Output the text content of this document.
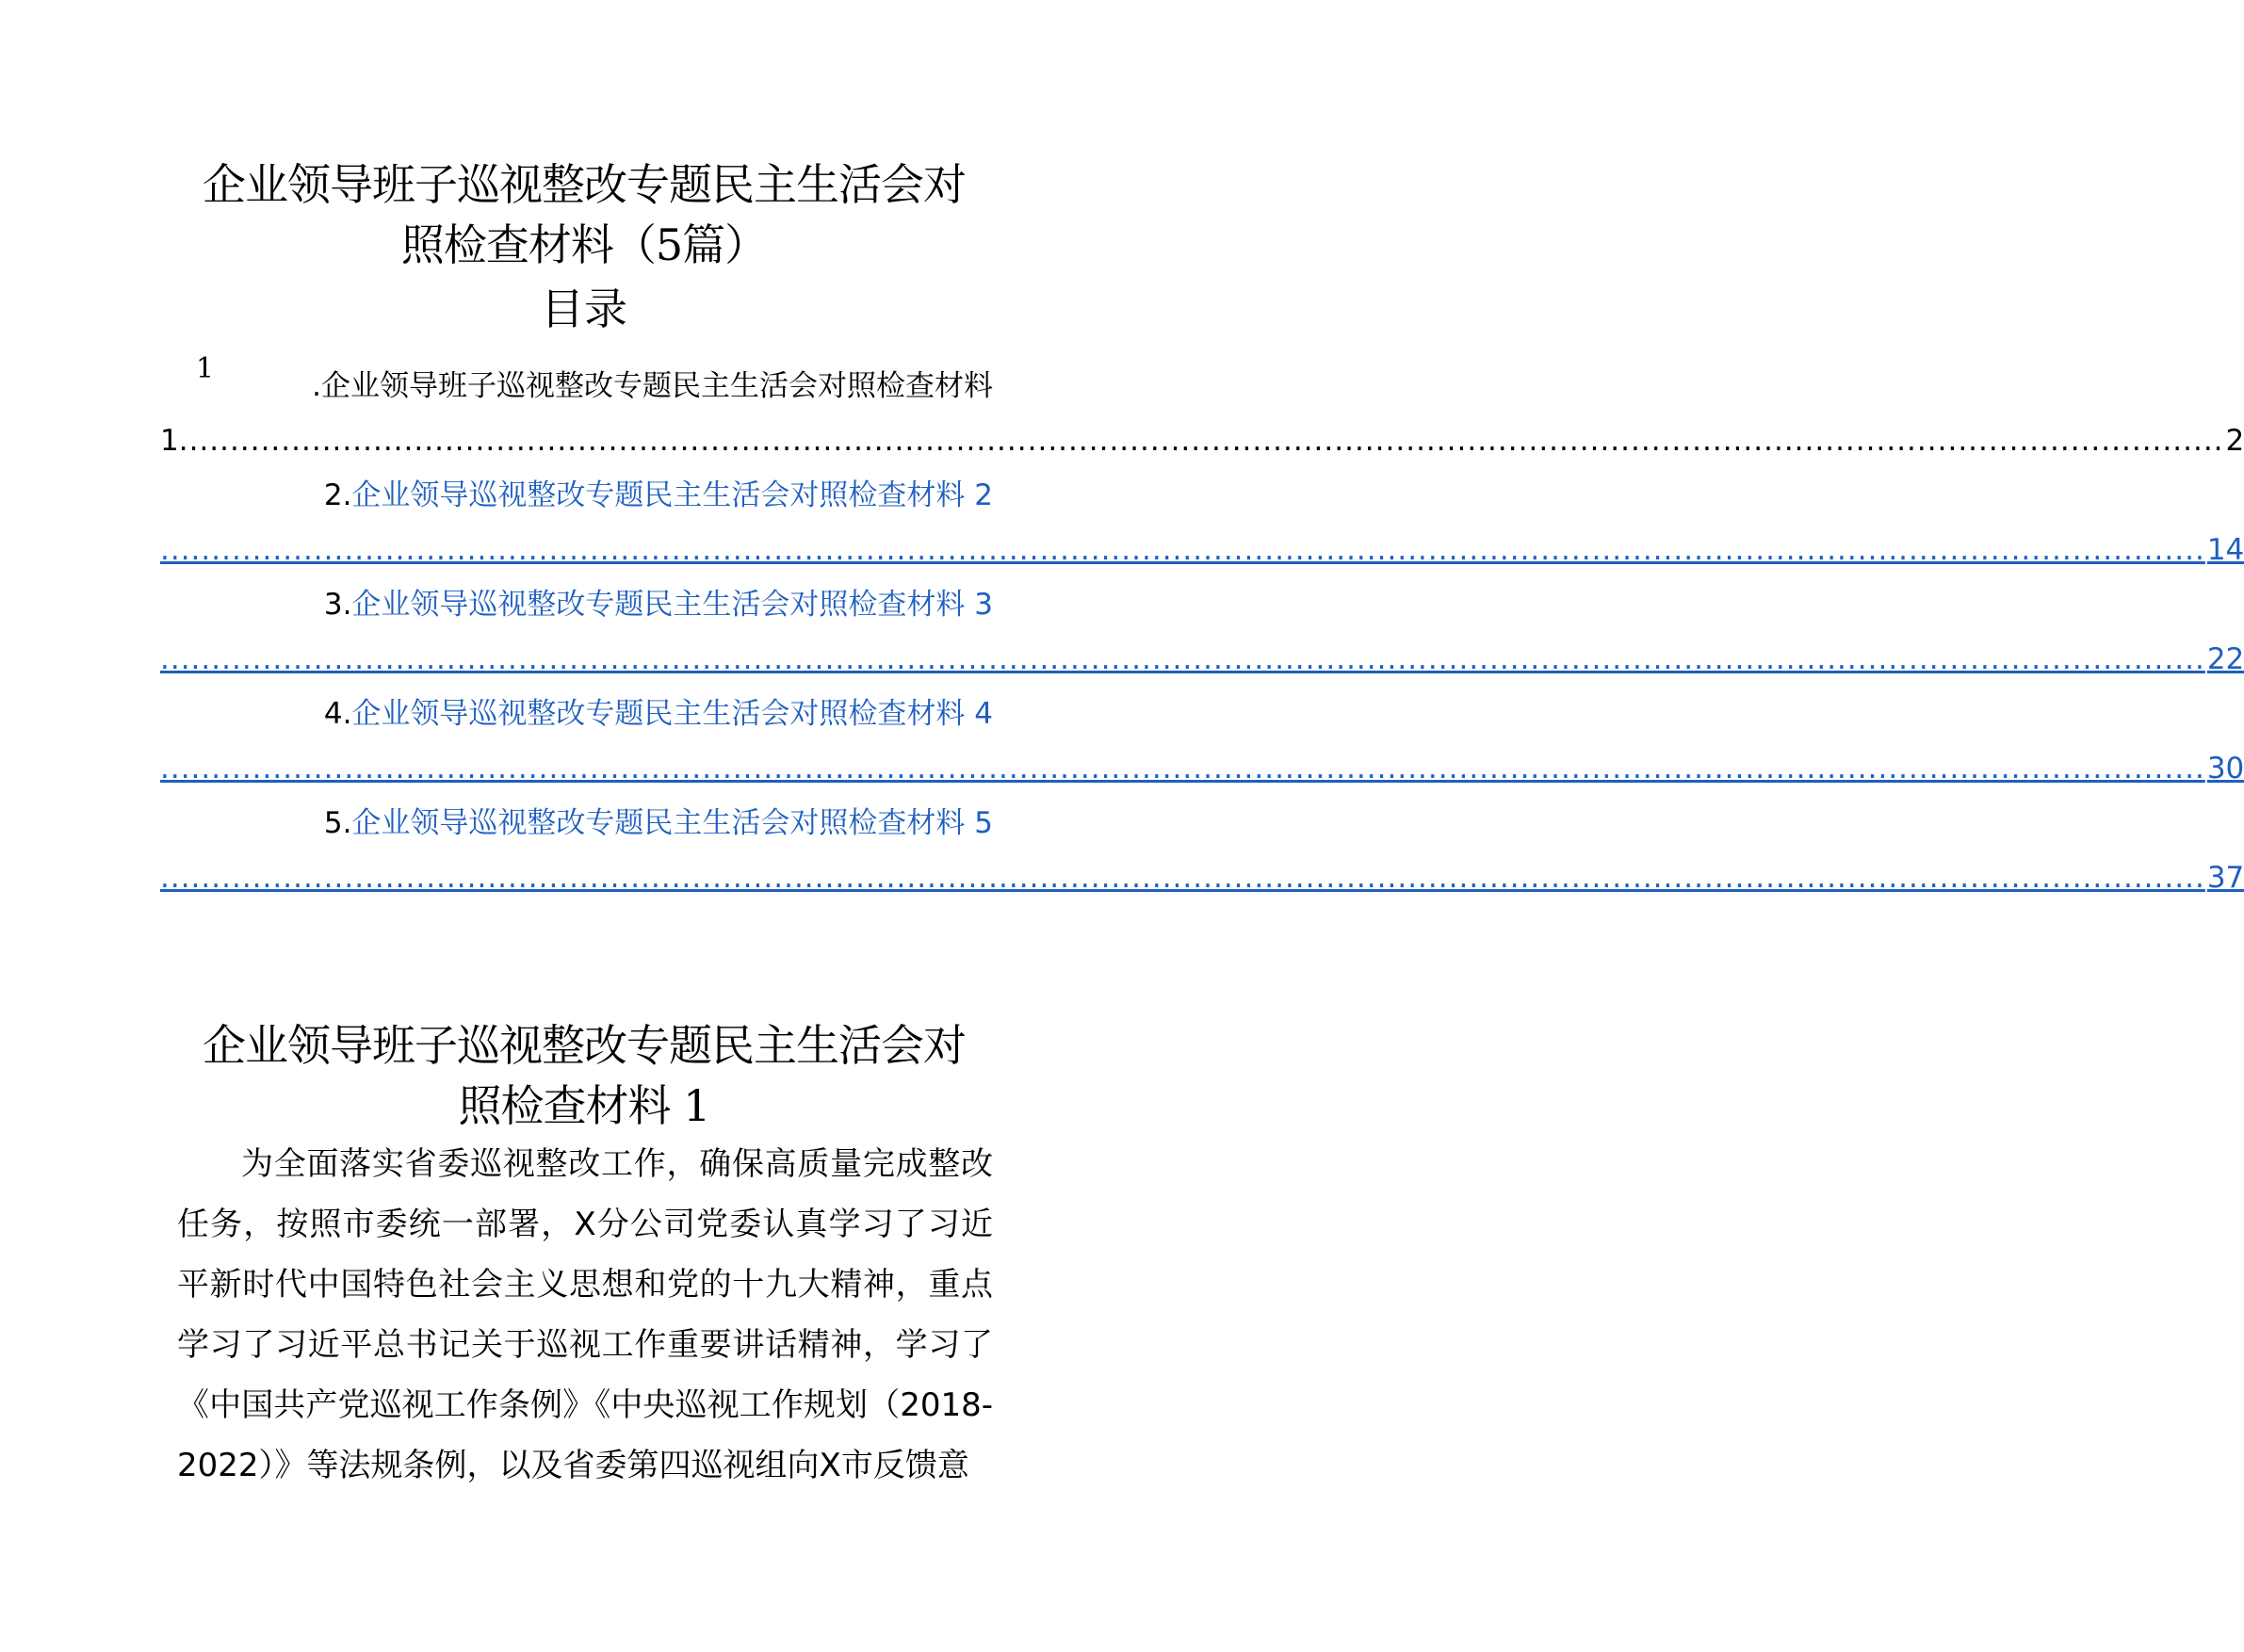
企业领导班子巡视整改专题民主生活会对
照检查材料（5篇）
目录
1
.企业领导班子巡视整改专题民主生活会对照检查材料
1 ........................................................................................................................................................................................................ 2
2.企业领导巡视整改专题民主生活会对照检查材料 2
........................................................................................................................................................................................................ 14
3.企业领导巡视整改专题民主生活会对照检查材料 3
........................................................................................................................................................................................................ 22
4.企业领导巡视整改专题民主生活会对照检查材料 4
........................................................................................................................................................................................................ 30
5.企业领导巡视整改专题民主生活会对照检查材料 5
........................................................................................................................................................................................................ 37
企业领导班子巡视整改专题民主生活会对
照检查材料 1

为全面落实省委巡视整改工作，确保高质量完成整改任务，按照市委统一部署，X分公司党委认真学习了习近平新时代中国特色社会主义思想和党的十九大精神，重点学习了习近平总书记关于巡视工作重要讲话精神，学习了《中国共产党巡视工作条例》《中央巡视工作规划（2018-2022）》等法规条例，以及省委第四巡视组向X市反馈意
